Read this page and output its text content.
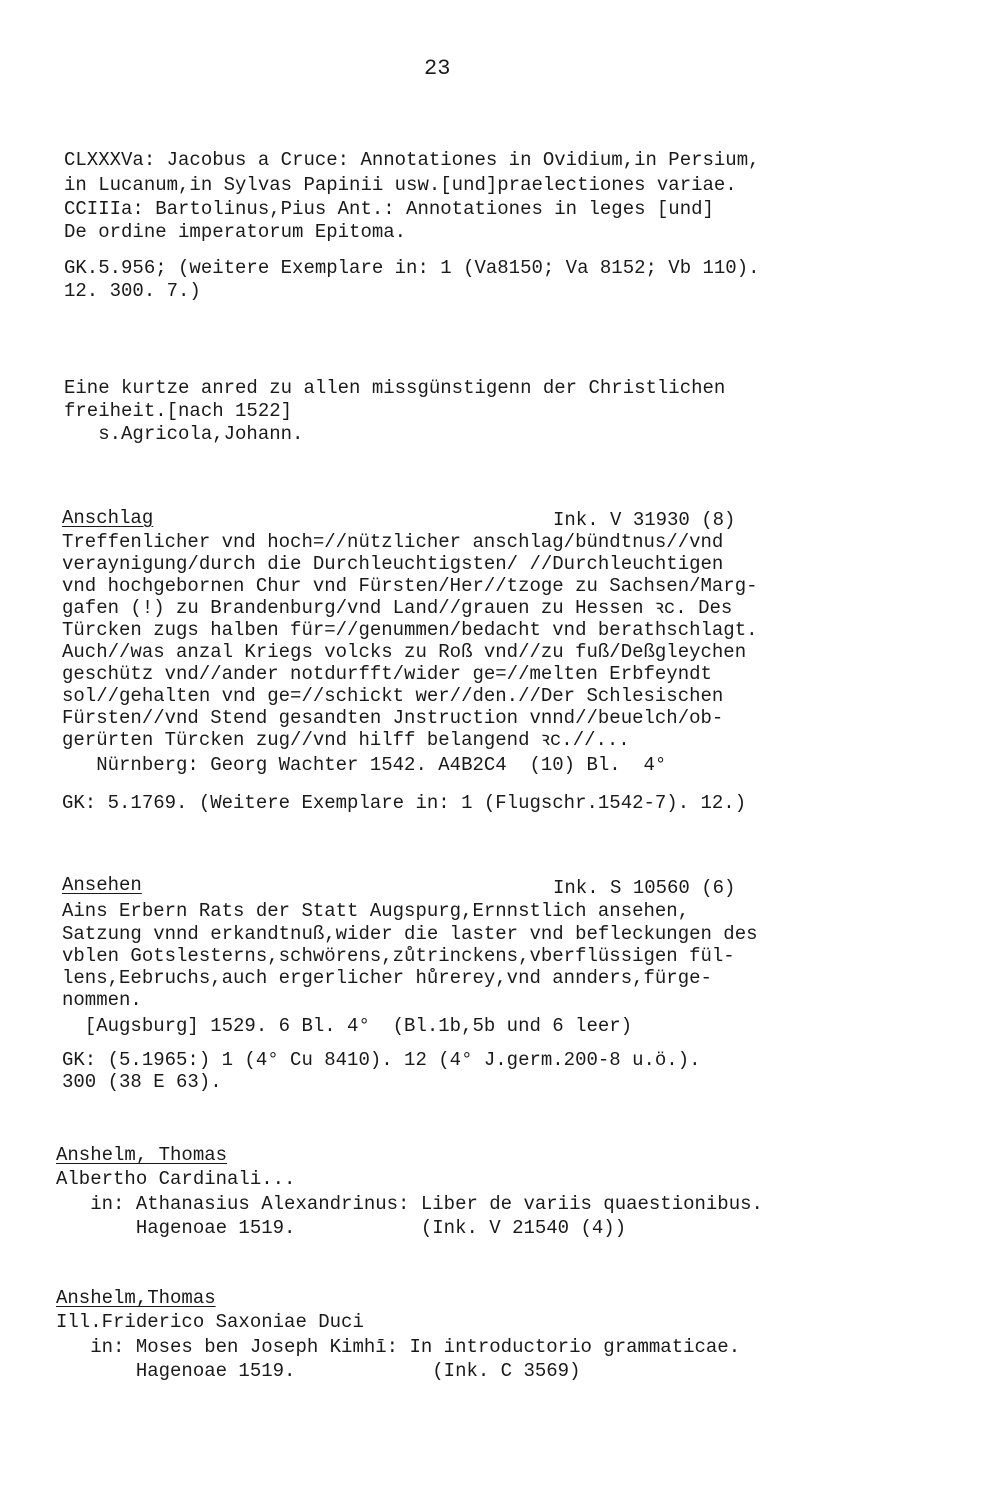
23
CLXXXVa: Jacobus a Cruce: Annotationes in Ovidium,in Persium,
in Lucanum,in Sylvas Papinii usw.[und]praelectiones variae.
CCIIIa: Bartolinus,Pius Ant.: Annotationes in leges [und]
De ordine imperatorum Epitoma.
GK.5.956; (weitere Exemplare in: 1 (Va8150; Va 8152; Vb 110).
12. 300. 7.)
Eine kurtze anred zu allen missgünstigenn der Christlichen
freiheit.[nach 1522]
s.Agricola,Johann.
Anschlag	Ink. V 31930 (8)
Treffenlicher vnd hoch=//nützlicher anschlag/bündtnus//vnd
veraynigung/durch die Durchleuchtigsten/ //Durchleuchtigen
vnd hochgebornen Chur vnd Fürsten/Her//tzoge zu Sachsen/Marg-
gafen (!) zu Brandenburg/vnd Land//grauen zu Hessen ꝛc. Des
Türcken zugs halben für=//genummen/bedacht vnd berathschlagt.
Auch//was anzal Kriegs volcks zu Roß vnd//zu fuß/Deßgleychen
geschütz vnd//ander notdurfft/wider ge=//melten Erbfeyndt
sol//gehalten vnd ge=//schickt wer//den.//Der Schlesischen
Fürsten//vnd Stend gesandten Jnstruction vnnd//beuelch/ob-
gerürten Türcken zug//vnd hilff belangend ꝛc.//...
Nürnberg: Georg Wachter 1542. A4B2C4  (10) Bl.  4°
GK: 5.1769. (Weitere Exemplare in: 1 (Flugschr.1542-7). 12.)
Ansehen	Ink. S 10560 (6)
Ains Erbern Rats der Statt Augspurg,Ernnstlich ansehen,
Satzung vnnd erkandtnuß,wider die laster vnd befleckungen des
vblen Gotslesterns,schwörens,zůtrinckens,vberflüssigen fül-
lens,Eebruchs,auch ergerlicher hůrerey,vnd annders,fürge-
nommen.
[Augsburg] 1529. 6 Bl. 4°  (Bl.1b,5b und 6 leer)
GK: (5.1965:) 1 (4° Cu 8410). 12 (4° J.germ.200-8 u.ö.).
300 (38 E 63).
Anshelm, Thomas
Albertho Cardinali...
in: Athanasius Alexandrinus: Liber de variis quaestionibus.
Hagenoae 1519.           (Ink. V 21540 (4))
Anshelm,Thomas
Ill.Friderico Saxoniae Duci
in: Moses ben Joseph Kimhī: In introductorio grammaticae.
Hagenoae 1519.            (Ink. C 3569)
